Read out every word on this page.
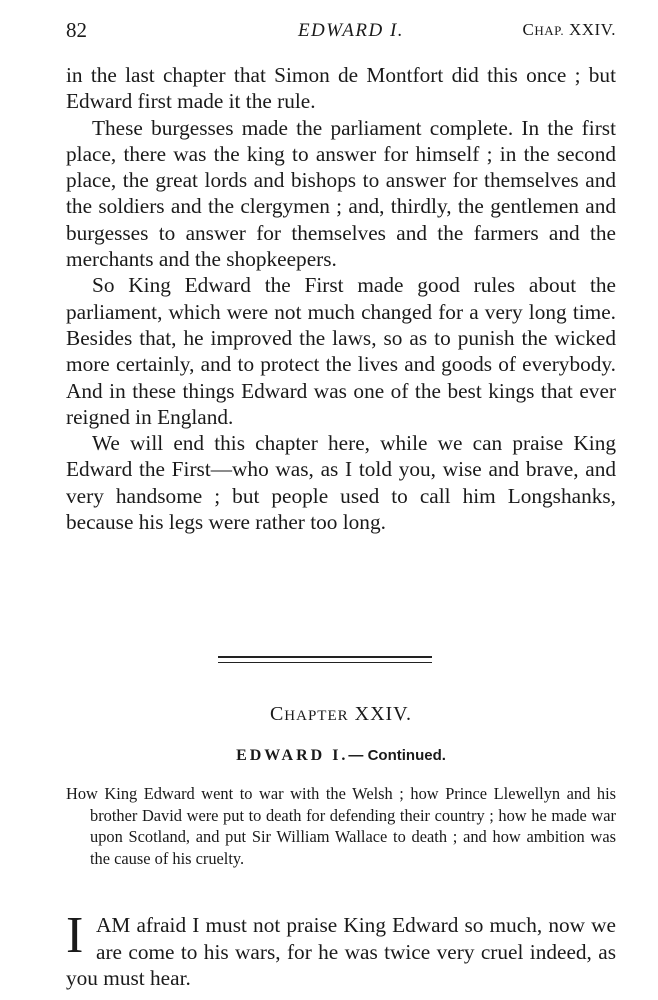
82	EDWARD I.	CHAP. XXIV.

in the last chapter that Simon de Montfort did this once ; but Edward first made it the rule.

These burgesses made the parliament complete. In the first place, there was the king to answer for himself ; in the second place, the great lords and bishops to answer for themselves and the soldiers and the clergymen ; and, thirdly, the gentlemen and burgesses to answer for themselves and the farmers and the merchants and the shopkeepers.

So King Edward the First made good rules about the parliament, which were not much changed for a very long time. Besides that, he improved the laws, so as to punish the wicked more certainly, and to protect the lives and goods of everybody. And in these things Edward was one of the best kings that ever reigned in England.

We will end this chapter here, while we can praise King Edward the First—who was, as I told you, wise and brave, and very handsome ; but people used to call him Longshanks, because his legs were rather too long.

CHAPTER XXIV.
EDWARD I.— Continued.
How King Edward went to war with the Welsh ; how Prince Llewellyn and his brother David were put to death for defending their country ; how he made war upon Scotland, and put Sir William Wallace to death ; and how ambition was the cause of his cruelty.
I AM afraid I must not praise King Edward so much, now we are come to his wars, for he was twice very cruel indeed, as you must hear.
